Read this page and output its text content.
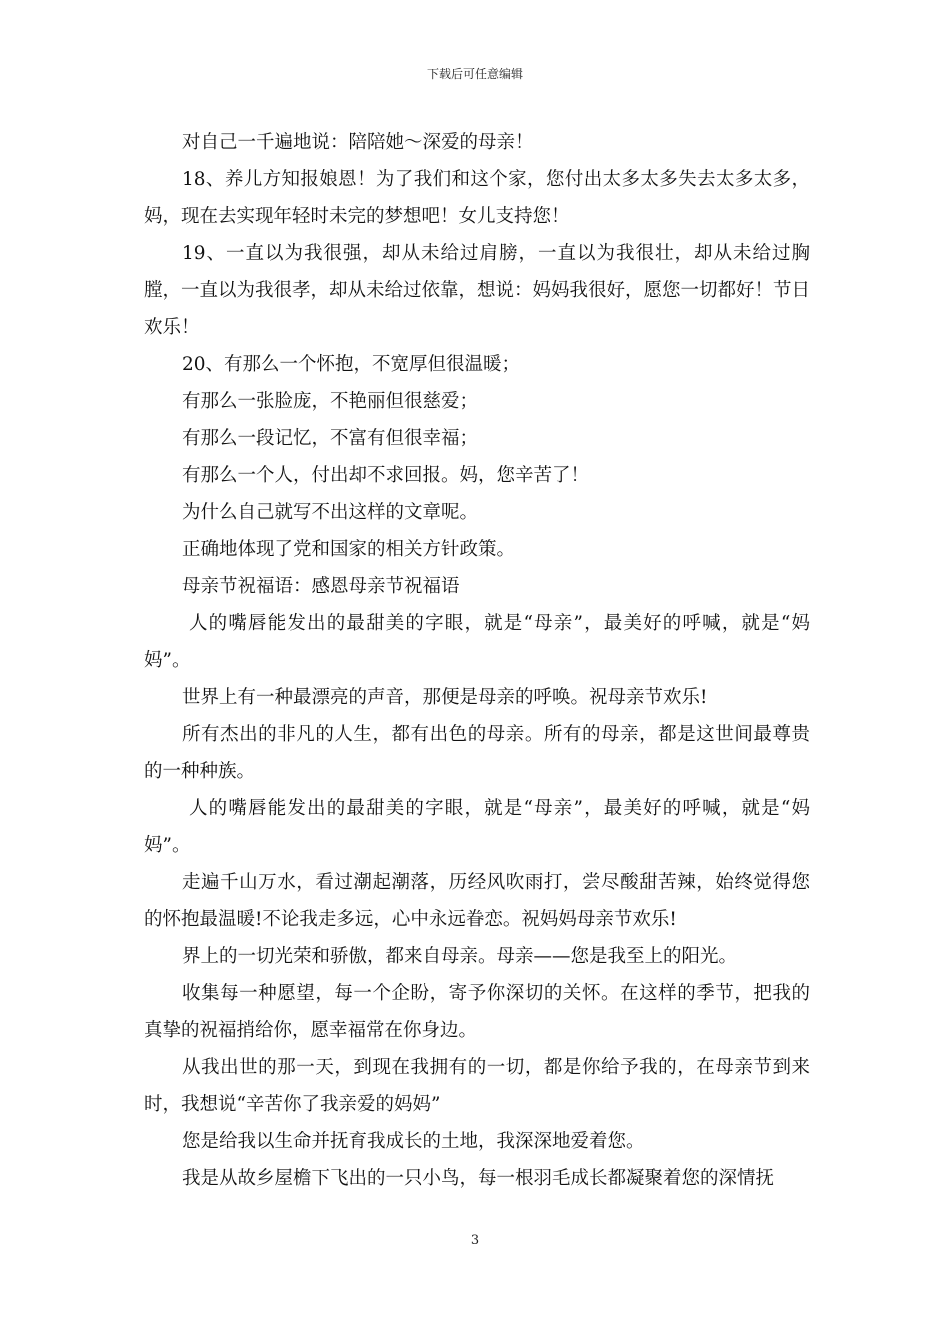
下载后可任意编辑

对自己一千遍地说：陪陪她～深爱的母亲！

18、养儿方知报娘恩！为了我们和这个家，您付出太多太多失去太多太多，妈，现在去实现年轻时未完的梦想吧！女儿支持您！

19、一直以为我很强，却从未给过肩膀，一直以为我很壮，却从未给过胸膛，一直以为我很孝，却从未给过依靠，想说：妈妈我很好，愿您一切都好！节日欢乐！

20、有那么一个怀抱，不宽厚但很温暖；

有那么一张脸庞，不艳丽但很慈爱；

有那么一段记忆，不富有但很幸福；

有那么一个人，付出却不求回报。妈，您辛苦了！

为什么自己就写不出这样的文章呢。

正确地体现了党和国家的相关方针政策。

母亲节祝福语：感恩母亲节祝福语

人的嘴唇能发出的最甜美的字眼，就是“母亲”，最美好的呼喊，就是“妈妈”。

世界上有一种最漂亮的声音，那便是母亲的呼唤。祝母亲节欢乐!

所有杰出的非凡的人生，都有出色的母亲。所有的母亲，都是这世间最尊贵的一种种族。

人的嘴唇能发出的最甜美的字眼，就是“母亲”，最美好的呼喊，就是“妈妈”。

走遍千山万水，看过潮起潮落，历经风吹雨打，尝尽酸甜苦辣，始终觉得您的怀抱最温暖!不论我走多远，心中永远眷恋。祝妈妈母亲节欢乐!

界上的一切光荣和骄傲，都来自母亲。母亲——您是我至上的阳光。

收集每一种愿望，每一个企盼，寄予你深切的关怀。在这样的季节，把我的真挚的祝福捎给你，愿幸福常在你身边。

从我出世的那一天，到现在我拥有的一切，都是你给予我的，在母亲节到来时，我想说“辛苦你了我亲爱的妈妈”

您是给我以生命并抚育我成长的土地，我深深地爱着您。

我是从故乡屋檐下飞出的一只小鸟，每一根羽毛成长都凝聚着您的深情抚

3
